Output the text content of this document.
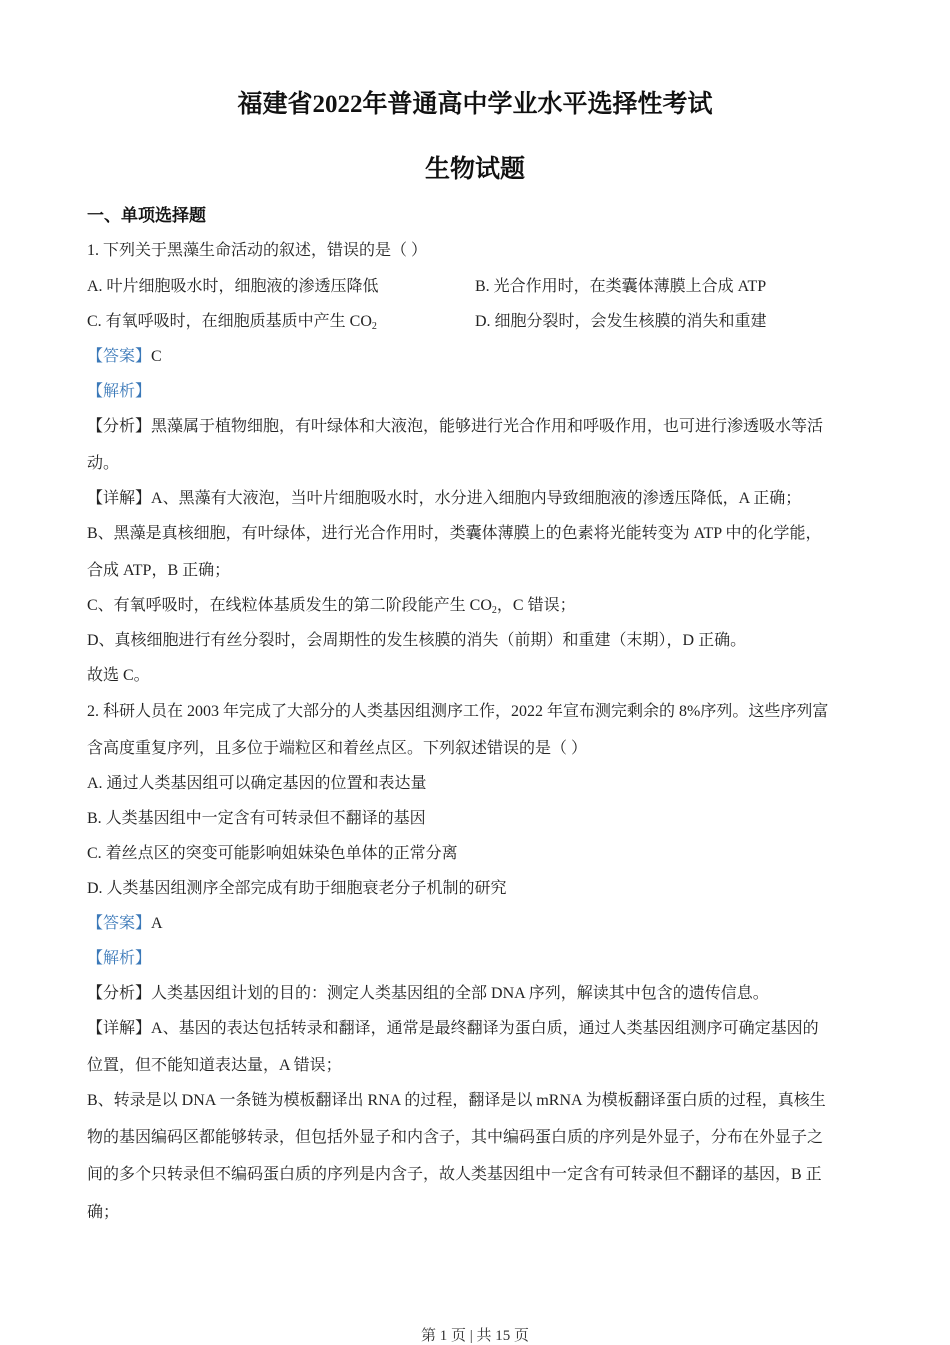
福建省2022年普通高中学业水平选择性考试
生物试题
一、单项选择题
1. 下列关于黑藻生命活动的叙述，错误的是（ ）
A. 叶片细胞吸水时，细胞液的渗透压降低	B. 光合作用时，在类囊体薄膜上合成 ATP
C. 有氧呼吸时，在细胞质基质中产生 $CO_2$	D. 细胞分裂时，会发生核膜的消失和重建
【答案】C
【解析】
【分析】黑藻属于植物细胞，有叶绿体和大液泡，能够进行光合作用和呼吸作用，也可进行渗透吸水等活
动。
【详解】A、黑藻有大液泡，当叶片细胞吸水时，水分进入细胞内导致细胞液的渗透压降低，A 正确；
B、黑藻是真核细胞，有叶绿体，进行光合作用时，类囊体薄膜上的色素将光能转变为 ATP 中的化学能，
合成 ATP，B 正确；
C、有氧呼吸时，在线粒体基质发生的第二阶段能产生 $CO_2$，C 错误；
D、真核细胞进行有丝分裂时，会周期性的发生核膜的消失（前期）和重建（末期），D 正确。
故选 C。
2. 科研人员在 2003 年完成了大部分的人类基因组测序工作，2022 年宣布测完剩余的 8%序列。这些序列富
含高度重复序列，且多位于端粒区和着丝点区。下列叙述错误的是（ ）
A. 通过人类基因组可以确定基因的位置和表达量
B. 人类基因组中一定含有可转录但不翻译的基因
C. 着丝点区的突变可能影响姐妹染色单体的正常分离
D. 人类基因组测序全部完成有助于细胞衰老分子机制的研究
【答案】A
【解析】
【分析】人类基因组计划的目的：测定人类基因组的全部 DNA 序列，解读其中包含的遗传信息。
【详解】A、基因的表达包括转录和翻译，通常是最终翻译为蛋白质，通过人类基因组测序可确定基因的
位置，但不能知道表达量，A 错误；
B、转录是以 DNA 一条链为模板翻译出 RNA 的过程，翻译是以 mRNA 为模板翻译蛋白质的过程，真核生
物的基因编码区都能够转录，但包括外显子和内含子，其中编码蛋白质的序列是外显子，分布在外显子之
间的多个只转录但不编码蛋白质的序列是内含子，故人类基因组中一定含有可转录但不翻译的基因，B 正
确；
第 1 页 | 共 15 页
